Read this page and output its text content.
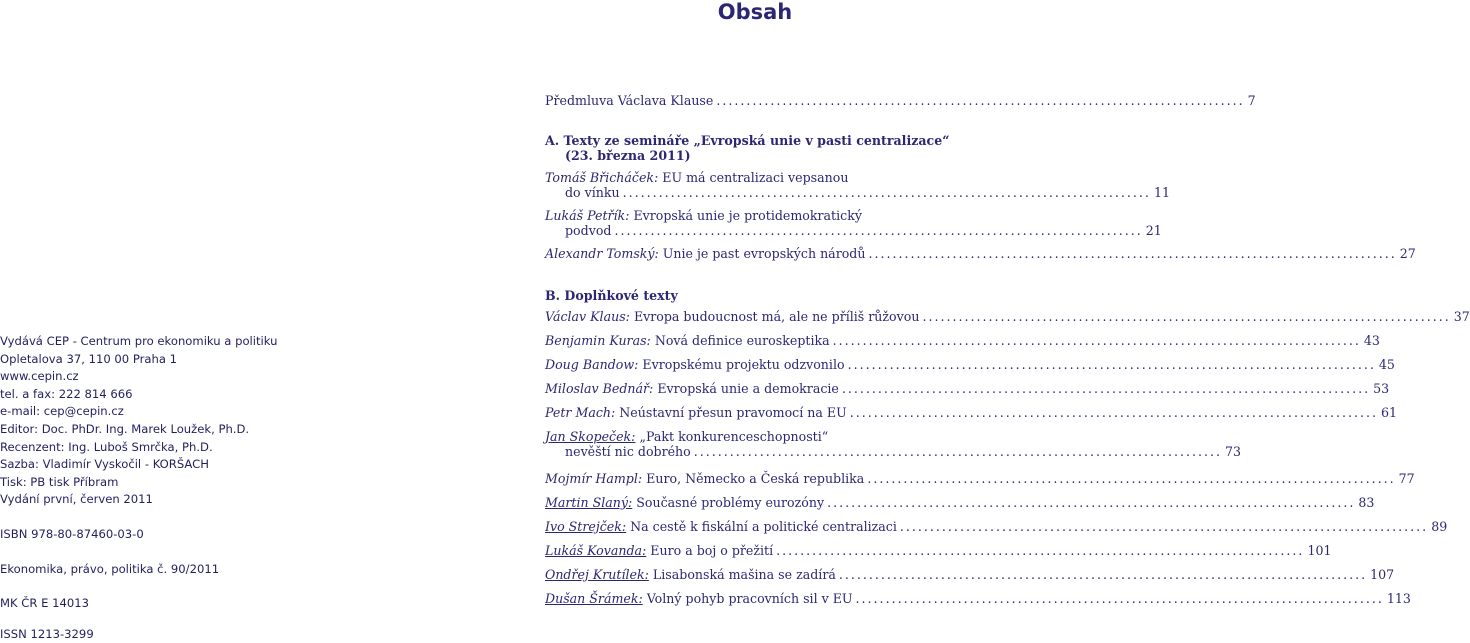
Obsah
Předmluva Václava Klause ........................................................................................ 7
A. Texty ze semináře „Evropská unie v pasti centralizace“
(23. března 2011)
Tomáš Břicháček: EU má centralizaci vepsanou
do vínku ........................................................................................ 11
Lukáš Petřík: Evropská unie je protidemokratický
podvod ........................................................................................ 21
Alexandr Tomský: Unie je past evropských národů ........................................................................................ 27
B. Doplňkové texty
Václav Klaus: Evropa budoucnost má, ale ne příliš růžovou ........................................................................................ 37
Benjamin Kuras: Nová definice euroskeptika ........................................................................................ 43
Doug Bandow: Evropskému projektu odzvonilo ........................................................................................ 45
Miloslav Bednář: Evropská unie a demokracie ........................................................................................ 53
Petr Mach: Neústavní přesun pravomocí na EU ........................................................................................ 61
Jan Skopeček: „Pakt konkurenceschopnosti“
nevěští nic dobrého ........................................................................................ 73
Mojmír Hampl: Euro, Německo a Česká republika ........................................................................................ 77
Martin Slaný: Současné problémy eurozóny ........................................................................................ 83
Ivo Strejček: Na cestě k fiskální a politické centralizaci ........................................................................................ 89
Lukáš Kovanda: Euro a boj o přežití ........................................................................................ 101
Ondřej Krutílek: Lisabonská mašina se zadírá ........................................................................................ 107
Dušan Šrámek: Volný pohyb pracovních sil v EU ........................................................................................ 113
Vydává CEP - Centrum pro ekonomiku a politiku
Opletalova 37, 110 00 Praha 1
www.cepin.cz
tel. a fax: 222 814 666
e-mail: cep@cepin.cz
Editor: Doc. PhDr. Ing. Marek Loužek, Ph.D.
Recenzent: Ing. Luboš Smrčka, Ph.D.
Sazba: Vladimír Vyskočil - KORŠACH
Tisk: PB tisk Příbram
Vydání první, červen 2011
ISBN 978-80-87460-03-0
Ekonomika, právo, politika č. 90/2011
MK ČR E 14013
ISSN 1213-3299
